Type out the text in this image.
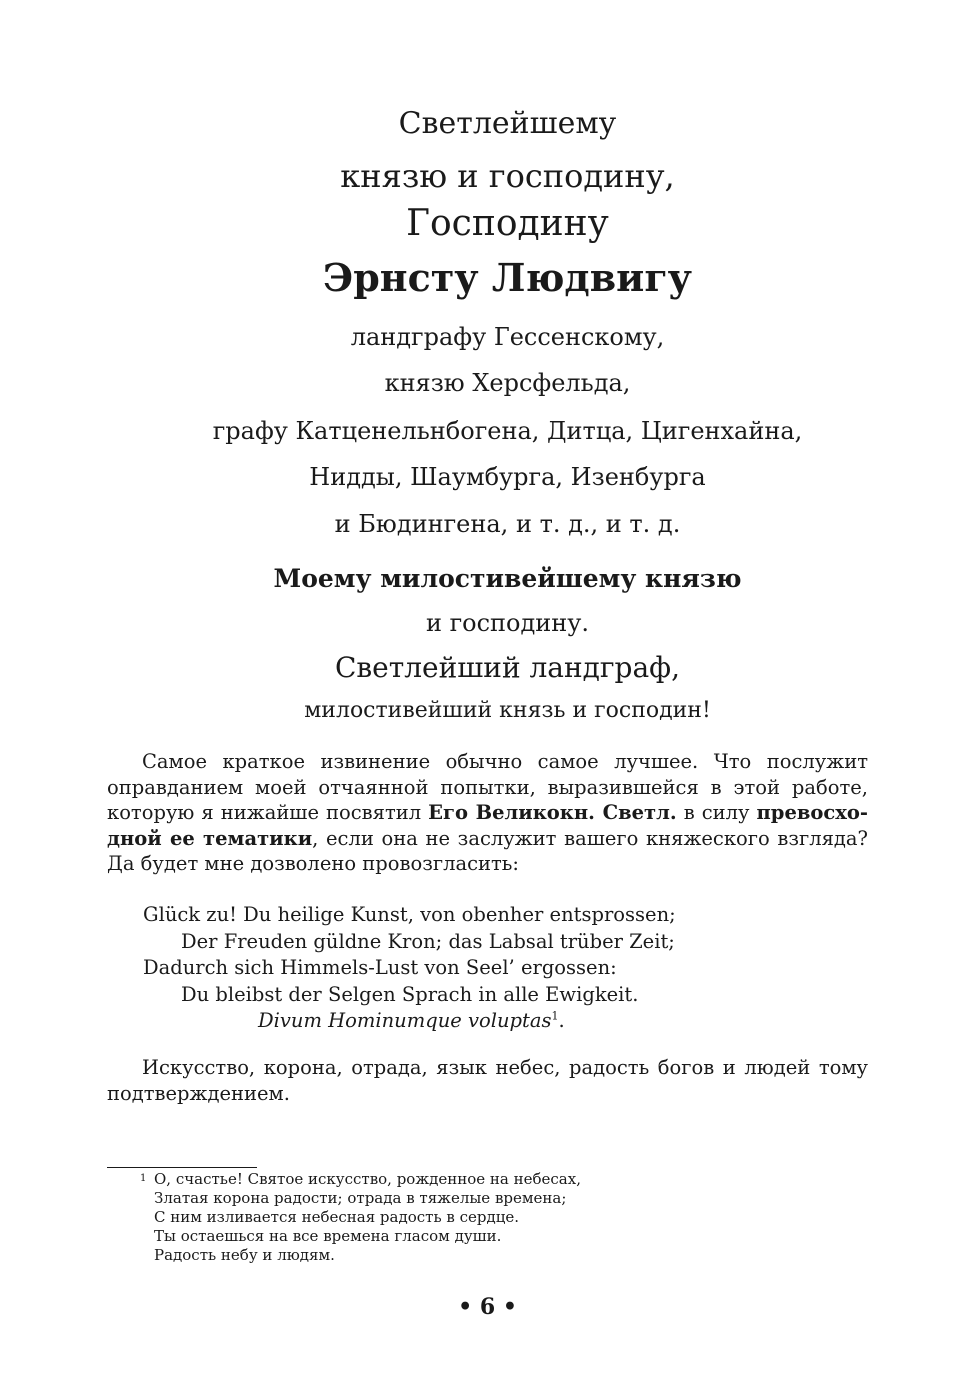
Светлейшему
князю и господину,
Господину
Эрнсту Людвигу
ландграфу Гессенскому,
князю Херсфельда,
графу Катценельнбогена, Дитца, Цигенхайна,
Нидды, Шаумбурга, Изенбурга
и Бюдингена, и т. д., и т. д.
Моему милостивейшему князю
и господину.
Светлейший ландграф,
милостивейший князь и господин!
Самое краткое извинение обычно самое лучшее. Что послужит
оправданием моей отчаянной попытки, выразившейся в этой работе,
которую я нижайше посвятил Его Великокн. Светл. в силу превосхо-
дной ее тематики, если она не заслужит вашего княжеского взгляда?
Да будет мне дозволено провозгласить:
Glück zu! Du heilige Kunst, von obenher entsprossen;
Der Freuden güldne Kron; das Labsal trüber Zeit;
Dadurch sich Himmels-Lust von Seel’ ergossen:
Du bleibst der Selgen Sprach in alle Ewigkeit.
Divum Hominumque voluptas$^1$.
Искусство, корона, отрада, язык небес, радость богов и людей тому
подтверждением.
1 О, счастье! Святое искусство, рожденное на небесах,
Златая корона радости; отрада в тяжелые времена;
С ним изливается небесная радость в сердце.
Ты остаешься на все времена гласом души.
Радость небу и людям.
• 6 •
